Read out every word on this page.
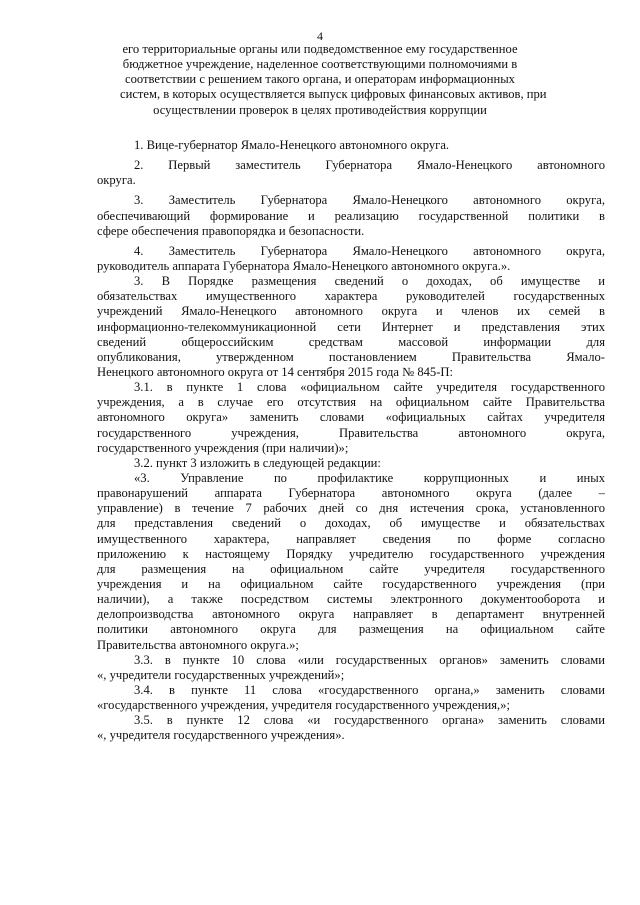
4
его территориальные органы или подведомственное ему государственное
бюджетное учреждение, наделенное соответствующими полномочиями в
соответствии с решением такого органа, и операторам информационных
систем, в которых осуществляется выпуск цифровых финансовых активов, при
осуществлении проверок в целях противодействия коррупции
1. Вице-губернатор Ямало-Ненецкого автономного округа.
2. Первый заместитель Губернатора Ямало-Ненецкого автономного
округа.
3. Заместитель Губернатора Ямало-Ненецкого автономного округа,
обеспечивающий формирование и реализацию государственной политики в
сфере обеспечения правопорядка и безопасности.
4. Заместитель Губернатора Ямало-Ненецкого автономного округа,
руководитель аппарата Губернатора Ямало-Ненецкого автономного округа.».
3. В Порядке размещения сведений о доходах, об имуществе и
обязательствах имущественного характера руководителей государственных
учреждений Ямало-Ненецкого автономного округа и членов их семей в
информационно-телекоммуникационной сети Интернет и представления этих
сведений общероссийским средствам массовой информации для
опубликования, утвержденном постановлением Правительства Ямало-
Ненецкого автономного округа от 14 сентября 2015 года № 845-П:
3.1. в пункте 1 слова «официальном сайте учредителя государственного
учреждения, а в случае его отсутствия на официальном сайте Правительства
автономного округа» заменить словами «официальных сайтах учредителя
государственного учреждения, Правительства автономного округа,
государственного учреждения (при наличии)»;
3.2. пункт 3 изложить в следующей редакции:
«3. Управление по профилактике коррупционных и иных
правонарушений аппарата Губернатора автономного округа (далее –
управление) в течение 7 рабочих дней со дня истечения срока, установленного
для представления сведений о доходах, об имуществе и обязательствах
имущественного характера, направляет сведения по форме согласно
приложению к настоящему Порядку учредителю государственного учреждения
для размещения на официальном сайте учредителя государственного
учреждения и на официальном сайте государственного учреждения (при
наличии), а также посредством системы электронного документооборота и
делопроизводства автономного округа направляет в департамент внутренней
политики автономного округа для размещения на официальном сайте
Правительства автономного округа.»;
3.3. в пункте 10 слова «или государственных органов» заменить словами
«, учредители государственных учреждений»;
3.4. в пункте 11 слова «государственного органа,» заменить словами
«государственного учреждения, учредителя государственного учреждения,»;
3.5. в пункте 12 слова «и государственного органа» заменить словами
«, учредителя государственного учреждения».
